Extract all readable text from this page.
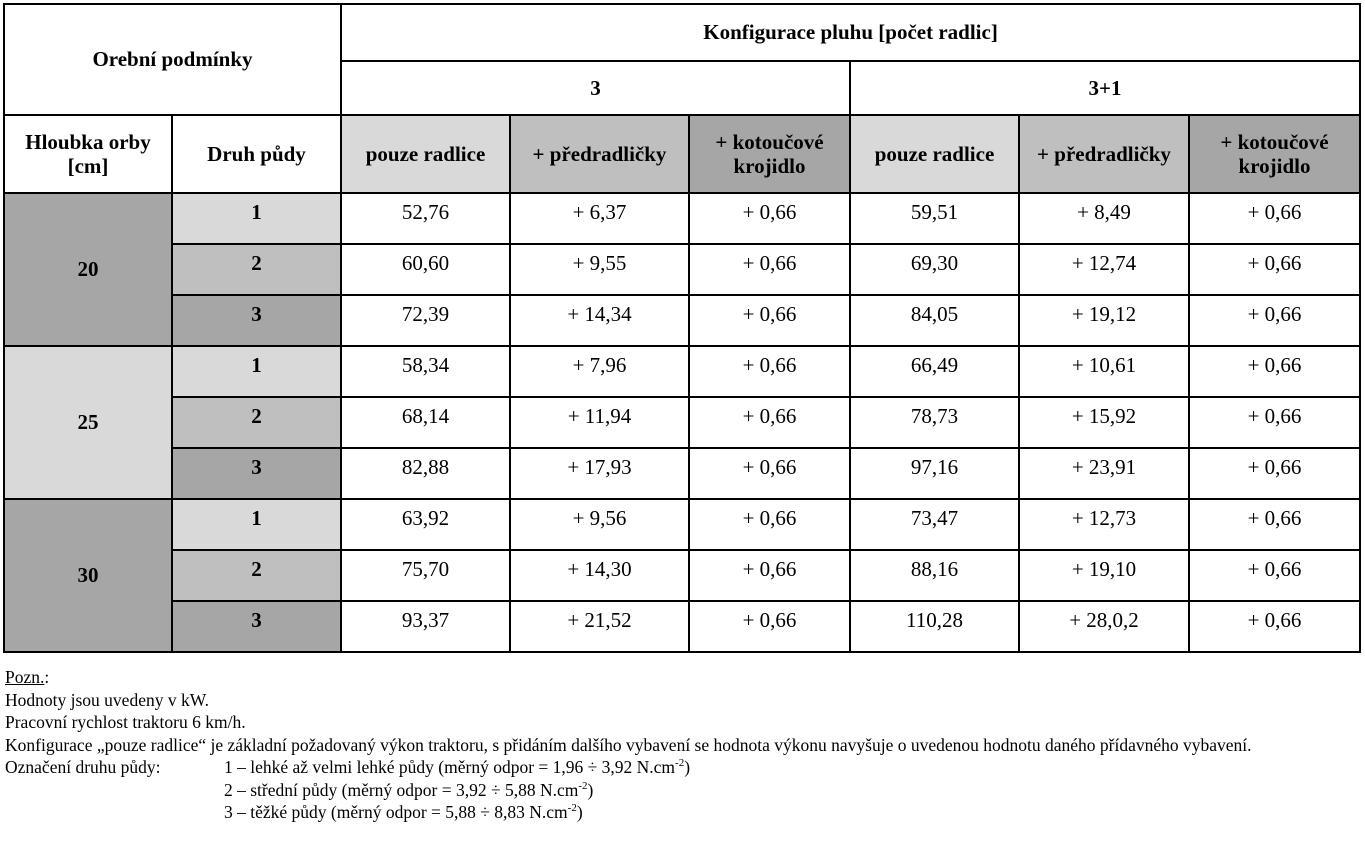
Orební podmínky		Konfigurace pluhu [počet radlic]					
		3			3+1		
Hloubka orby [cm]	Druh půdy	pouze radlice	+ předradličky	+ kotoučové krojidlo	pouze radlice	+ předradličky	+ kotoučové krojidlo
20	1	52,76	+ 6,37	+ 0,66	59,51	+ 8,49	+ 0,66
	2	60,60	+ 9,55	+ 0,66	69,30	+ 12,74	+ 0,66
	3	72,39	+ 14,34	+ 0,66	84,05	+ 19,12	+ 0,66
25	1	58,34	+ 7,96	+ 0,66	66,49	+ 10,61	+ 0,66
	2	68,14	+ 11,94	+ 0,66	78,73	+ 15,92	+ 0,66
	3	82,88	+ 17,93	+ 0,66	97,16	+ 23,91	+ 0,66
30	1	63,92	+ 9,56	+ 0,66	73,47	+ 12,73	+ 0,66
	2	75,70	+ 14,30	+ 0,66	88,16	+ 19,10	+ 0,66
	3	93,37	+ 21,52	+ 0,66	110,28	+ 28,0,2	+ 0,66

Pozn.:

Hodnoty jsou uvedeny v kW.

Pracovní rychlost traktoru 6 km/h.

Konfigurace „pouze radlice“ je základní požadovaný výkon traktoru, s přidáním dalšího vybavení se hodnota výkonu navyšuje o uvedenou hodnotu daného přídavného vybavení.

Označení druhu půdy:	1 – lehké až velmi lehké půdy (měrný odpor = 1,96 ÷ 3,92 $N.cm^{-2}$)

2 – střední půdy (měrný odpor = 3,92 ÷ 5,88 $N.cm^{-2}$)

3 – těžké půdy (měrný odpor = 5,88 ÷ 8,83 $N.cm^{-2}$)
